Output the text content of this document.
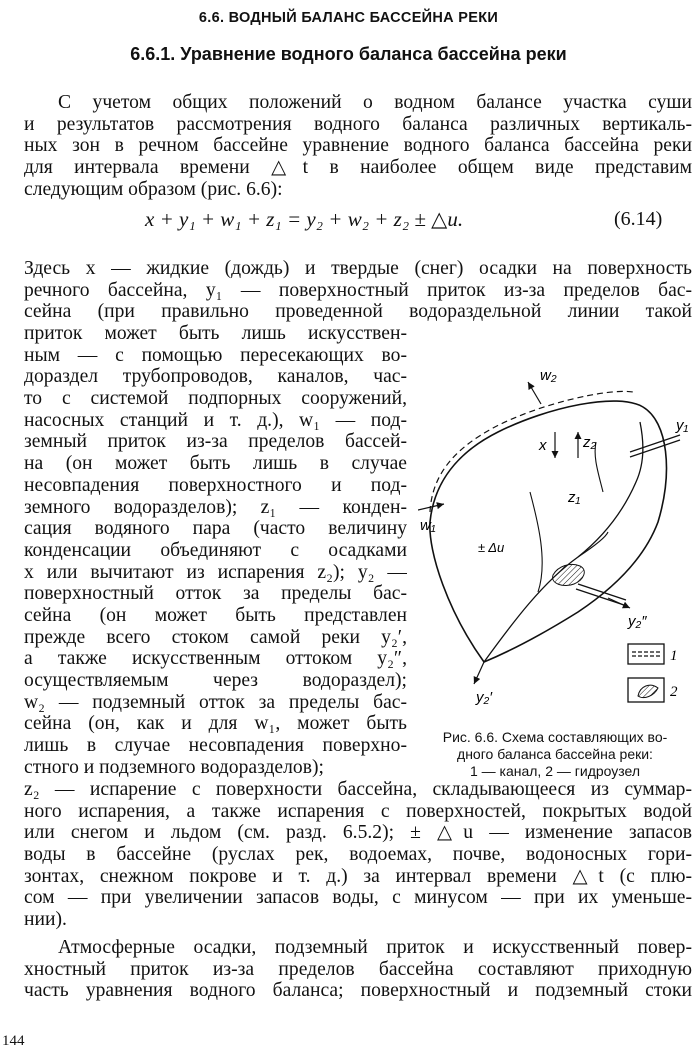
6.6. ВОДНЫЙ БАЛАНС БАССЕЙНА РЕКИ
6.6.1. Уравнение водного баланса бассейна реки
С учетом общих положений о водном балансе участка суши
и результатов рассмотрения водного баланса различных вертикаль-
ных зон в речном бассейне уравнение водного баланса бассейна реки
для интервала времени △t в наиболее общем виде представим
следующим образом (рис. 6.6):
x + y₁ + w₁ + z₁ = y₂ + w₂ + z₂ ± △u.	(6.14)
Здесь x — жидкие (дождь) и твердые (снег) осадки на поверхность
речного бассейна, y₁ — поверхностный приток из-за пределов бас-
сейна (при правильно проведенной водораздельной линии такой
приток может быть лишь искусствен-
ным — с помощью пересекающих во-
дораздел трубопроводов, каналов, час-
то с системой подпорных сооружений,
насосных станций и т. д.), w₁ — под-
земный приток из-за пределов бассей-
на (он может быть лишь в случае
несовпадения поверхностного и под-
земного водоразделов); z₁ — конден-
сация водяного пара (часто величину
конденсации объединяют с осадками
x или вычитают из испарения z₂); y₂ —
поверхностный отток за пределы бас-
сейна (он может быть представлен
прежде всего стоком самой реки y₂′,
а также искусственным оттоком y₂″,
осуществляемым через водораздел);
w₂ — подземный отток за пределы бас-
сейна (он, как и для w₁, может быть
лишь в случае несовпадения поверхно-
стного и подземного водоразделов);
z₂ — испарение с поверхности бассейна, складывающееся из суммар-
ного испарения, а также испарения с поверхностей, покрытых водой
или снегом и льдом (см. разд. 6.5.2); ± △u — изменение запасов
воды в бассейне (руслах рек, водоемах, почве, водоносных гори-
зонтах, снежном покрове и т. д.) за интервал времени △t (с плю-
сом — при увеличении запасов воды, с минусом — при их уменьше-
нии).
Атмосферные осадки, подземный приток и искусственный повер-
хностный приток из-за пределов бассейна составляют приходную
часть уравнения водного баланса; поверхностный и подземный стоки
w₂
x z₂
y₁
z₁
w₁
± Δu
y₂″
y₂′
1
2
Рис. 6.6. Схема составляющих во-
дного баланса бассейна реки:
1 — канал, 2 — гидроузел
144
